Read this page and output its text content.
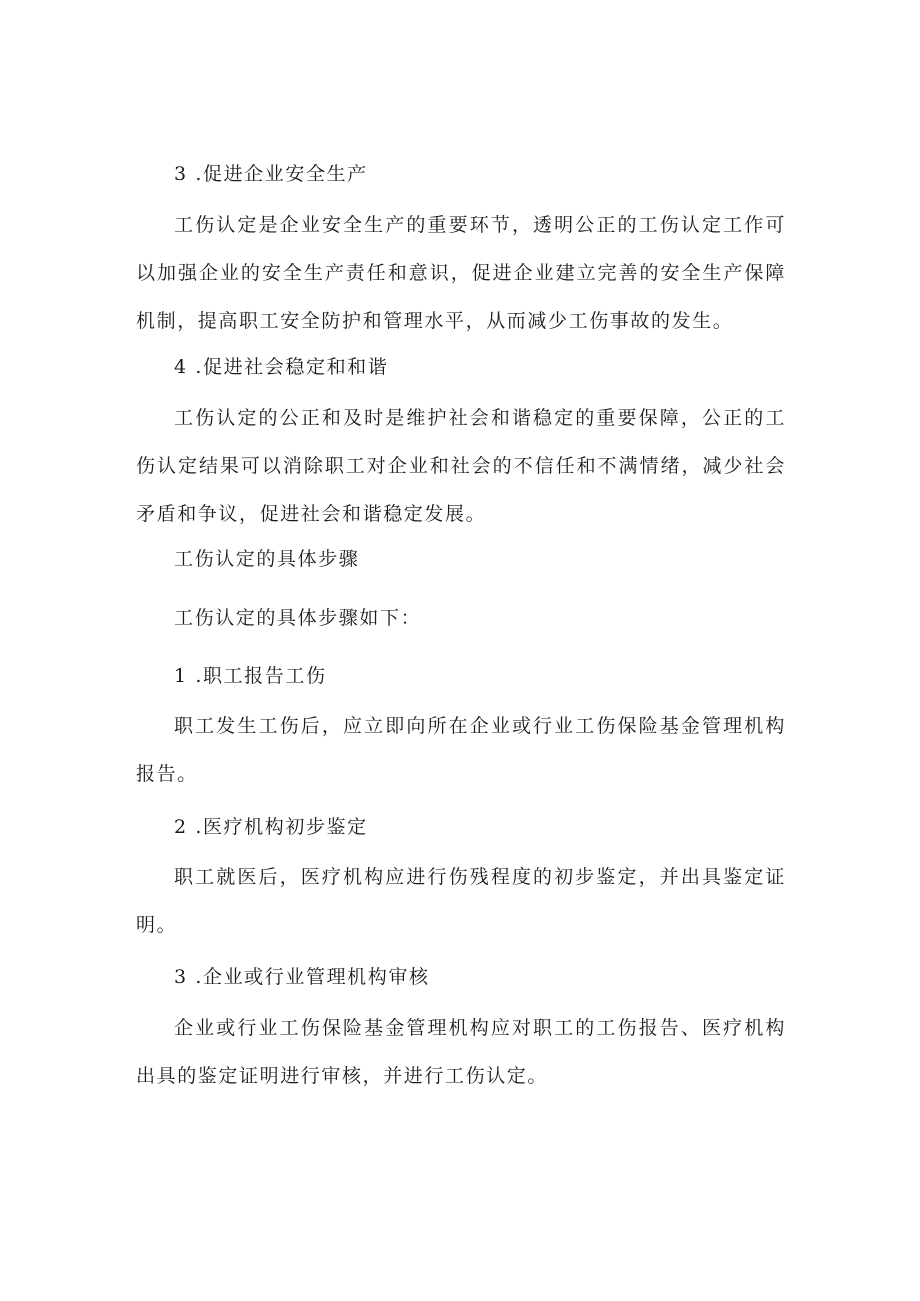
3 .促进企业安全生产

工伤认定是企业安全生产的重要环节，透明公正的工伤认定工作可以加强企业的安全生产责任和意识，促进企业建立完善的安全生产保障机制，提高职工安全防护和管理水平，从而减少工伤事故的发生。

4 .促进社会稳定和和谐

工伤认定的公正和及时是维护社会和谐稳定的重要保障，公正的工伤认定结果可以消除职工对企业和社会的不信任和不满情绪，减少社会矛盾和争议，促进社会和谐稳定发展。

工伤认定的具体步骤

工伤认定的具体步骤如下：

1 .职工报告工伤

职工发生工伤后，应立即向所在企业或行业工伤保险基金管理机构报告。

2 .医疗机构初步鉴定

职工就医后，医疗机构应进行伤残程度的初步鉴定，并出具鉴定证明。

3 .企业或行业管理机构审核

企业或行业工伤保险基金管理机构应对职工的工伤报告、医疗机构出具的鉴定证明进行审核，并进行工伤认定。
